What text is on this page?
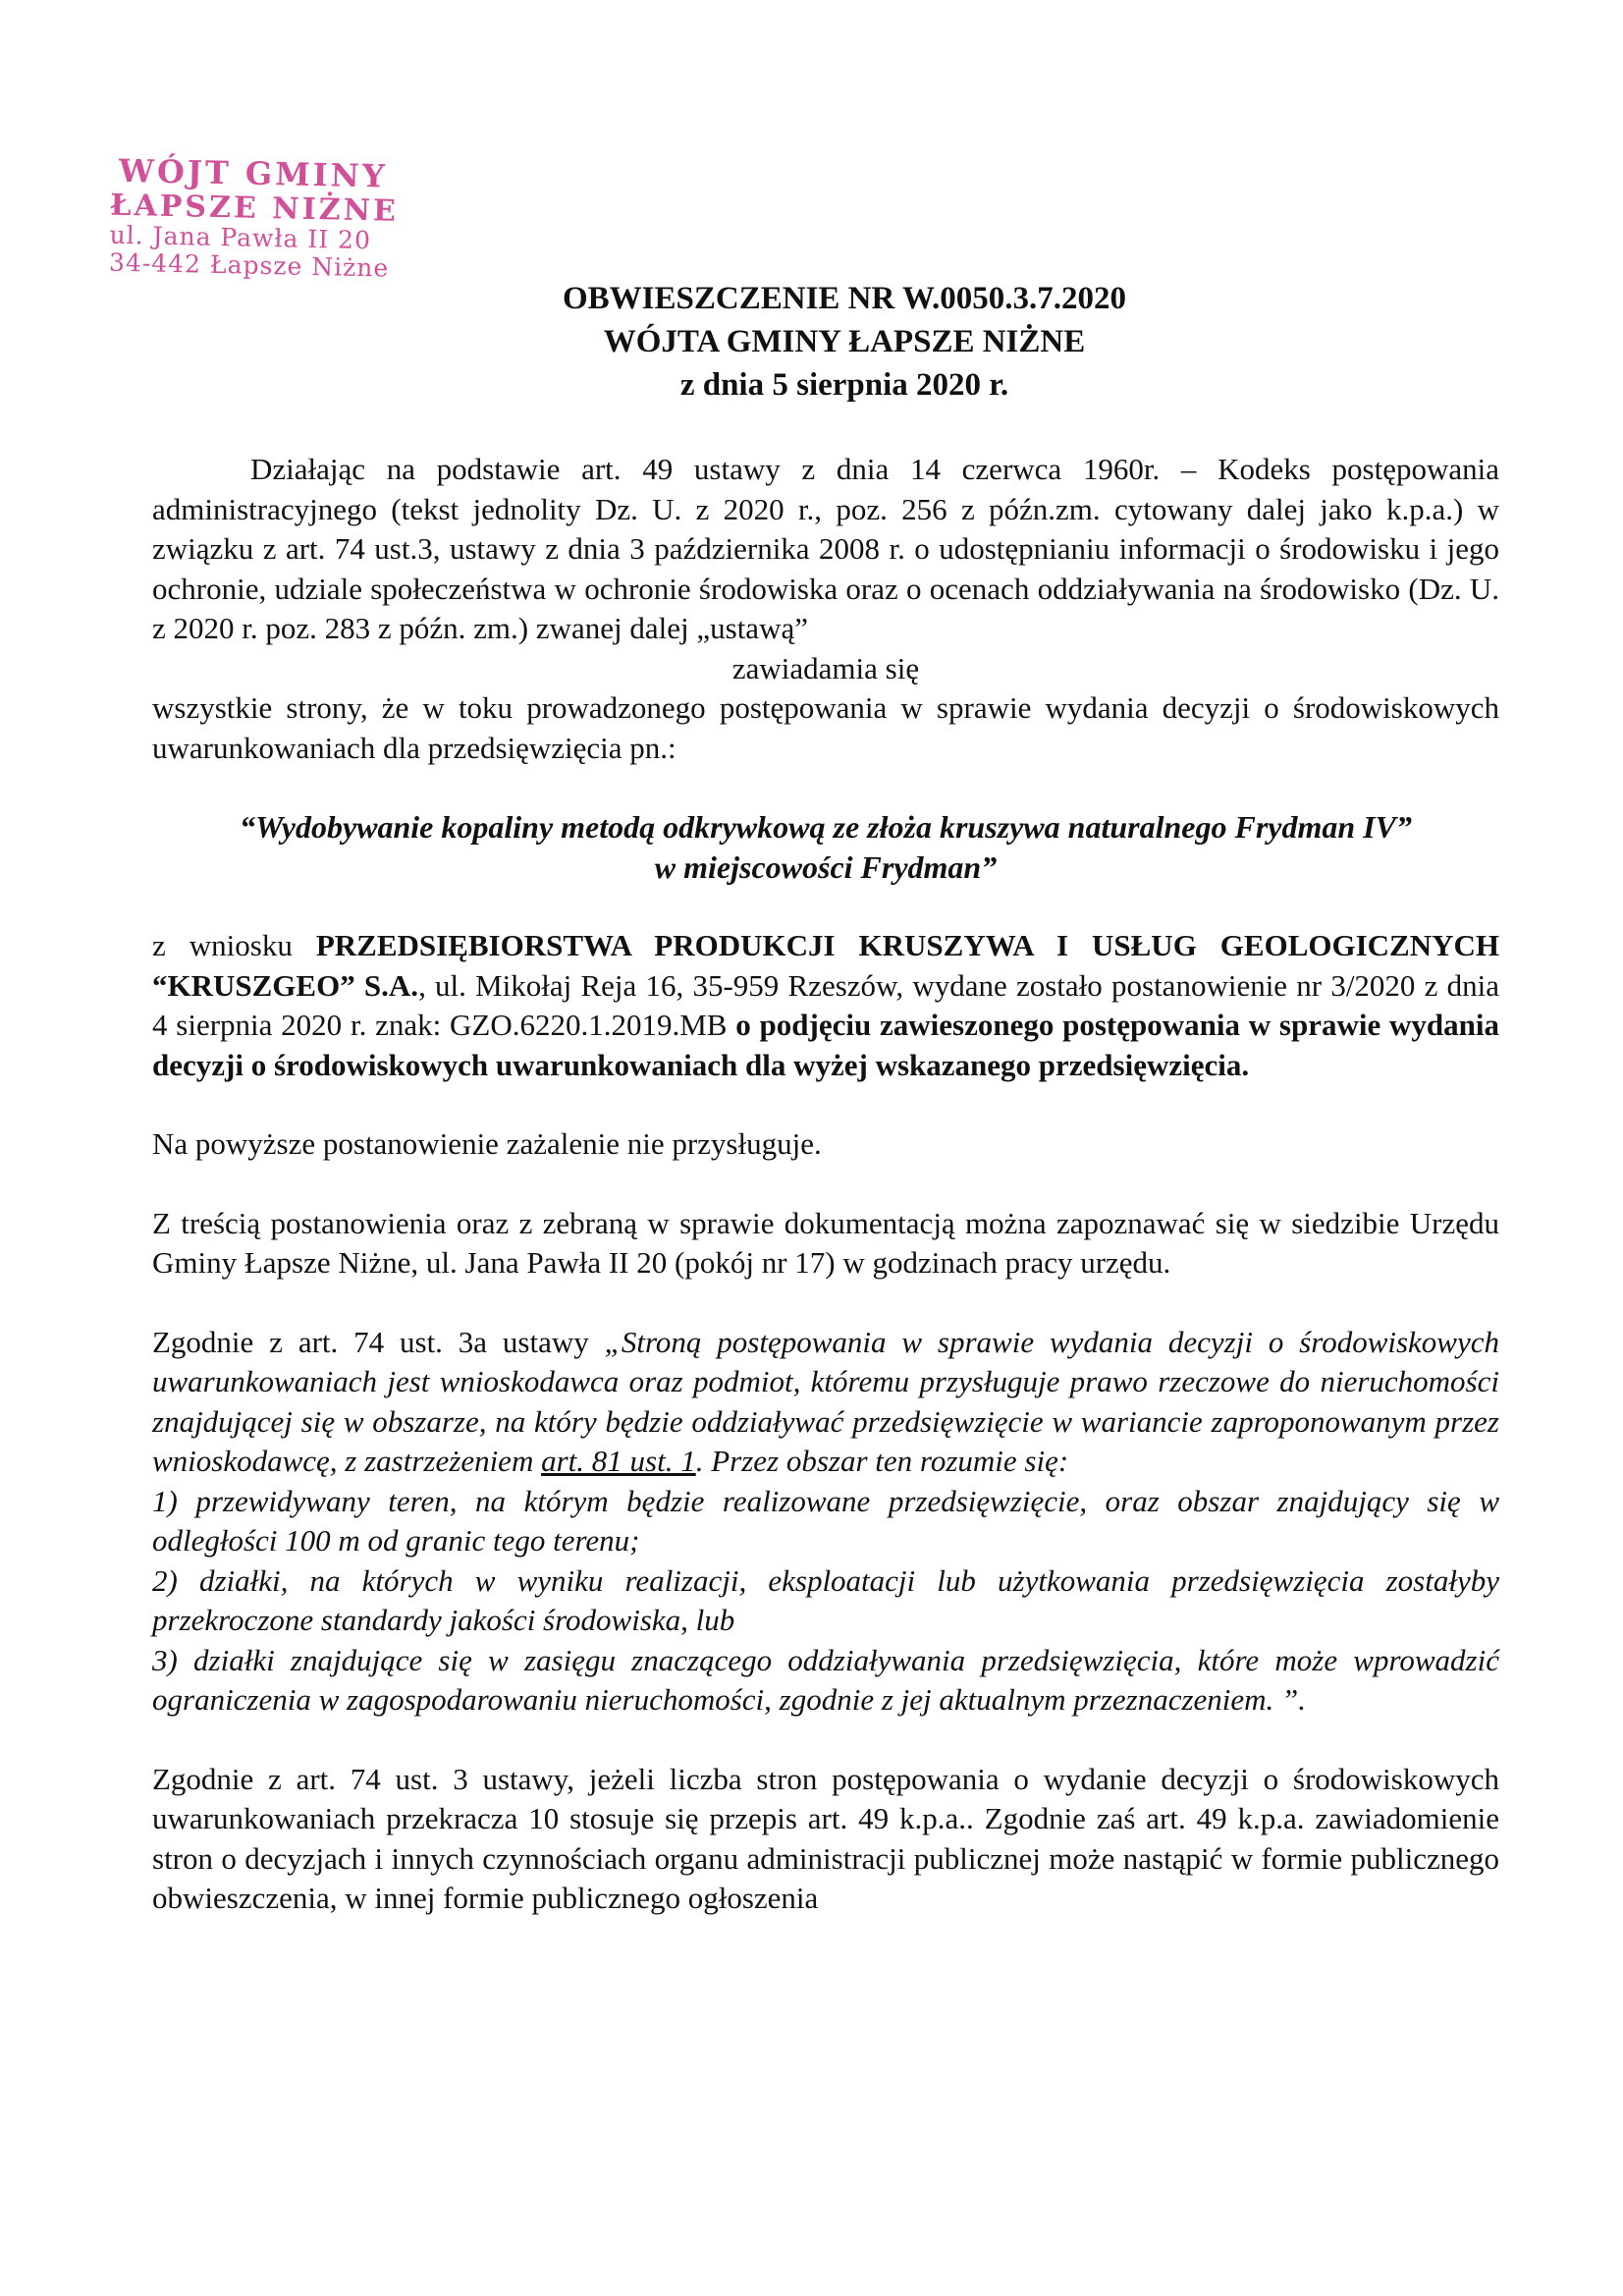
WÓJT GMINY
ŁAPSZE NIŻNE
ul. Jana Pawła II 20
34-442 Łapsze Niżne
OBWIESZCZENIE NR W.0050.3.7.2020
WÓJTA GMINY ŁAPSZE NIŻNE
z dnia 5 sierpnia 2020 r.

Działając na podstawie art. 49 ustawy z dnia 14 czerwca 1960r. – Kodeks postępowania administracyjnego (tekst jednolity Dz. U. z 2020 r., poz. 256 z późn.zm. cytowany dalej jako k.p.a.) w związku z art. 74 ust.3, ustawy z dnia 3 października 2008 r. o udostępnianiu informacji o środowisku i jego ochronie, udziale społeczeństwa w ochronie środowiska oraz o ocenach oddziaływania na środowisko (Dz. U. z 2020 r. poz. 283 z późn. zm.) zwanej dalej „ustawą”

zawiadamia się

wszystkie strony, że w toku prowadzonego postępowania w sprawie wydania decyzji o środowiskowych uwarunkowaniach dla przedsięwzięcia pn.:

“Wydobywanie kopaliny metodą odkrywkową ze złoża kruszywa naturalnego Frydman IV”

w miejscowości Frydman”

z wniosku PRZEDSIĘBIORSTWA PRODUKCJI KRUSZYWA I USŁUG GEOLOGICZNYCH “KRUSZGEO” S.A., ul. Mikołaj Reja 16, 35-959 Rzeszów, wydane zostało postanowienie nr 3/2020 z dnia 4 sierpnia 2020 r. znak: GZO.6220.1.2019.MB o podjęciu zawieszonego postępowania w sprawie wydania decyzji o środowiskowych uwarunkowaniach dla wyżej wskazanego przedsięwzięcia.

Na powyższe postanowienie zażalenie nie przysługuje.

Z treścią postanowienia oraz z zebraną w sprawie dokumentacją można zapoznawać się w siedzibie Urzędu Gminy Łapsze Niżne, ul. Jana Pawła II 20 (pokój nr 17) w godzinach pracy urzędu.

Zgodnie z art. 74 ust. 3a ustawy „Stroną postępowania w sprawie wydania decyzji o środowiskowych uwarunkowaniach jest wnioskodawca oraz podmiot, któremu przysługuje prawo rzeczowe do nieruchomości znajdującej się w obszarze, na który będzie oddziaływać przedsięwzięcie w wariancie zaproponowanym przez wnioskodawcę, z zastrzeżeniem art. 81 ust. 1. Przez obszar ten rozumie się:

1) przewidywany teren, na którym będzie realizowane przedsięwzięcie, oraz obszar znajdujący się w odległości 100 m od granic tego terenu;

2) działki, na których w wyniku realizacji, eksploatacji lub użytkowania przedsięwzięcia zostałyby przekroczone standardy jakości środowiska, lub

3) działki znajdujące się w zasięgu znaczącego oddziaływania przedsięwzięcia, które może wprowadzić ograniczenia w zagospodarowaniu nieruchomości, zgodnie z jej aktualnym przeznaczeniem. ”.

Zgodnie z art. 74 ust. 3 ustawy, jeżeli liczba stron postępowania o wydanie decyzji o środowiskowych uwarunkowaniach przekracza 10 stosuje się przepis art. 49 k.p.a.. Zgodnie zaś art. 49 k.p.a. zawiadomienie stron o decyzjach i innych czynnościach organu administracji publicznej może nastąpić w formie publicznego obwieszczenia, w innej formie publicznego ogłoszenia
